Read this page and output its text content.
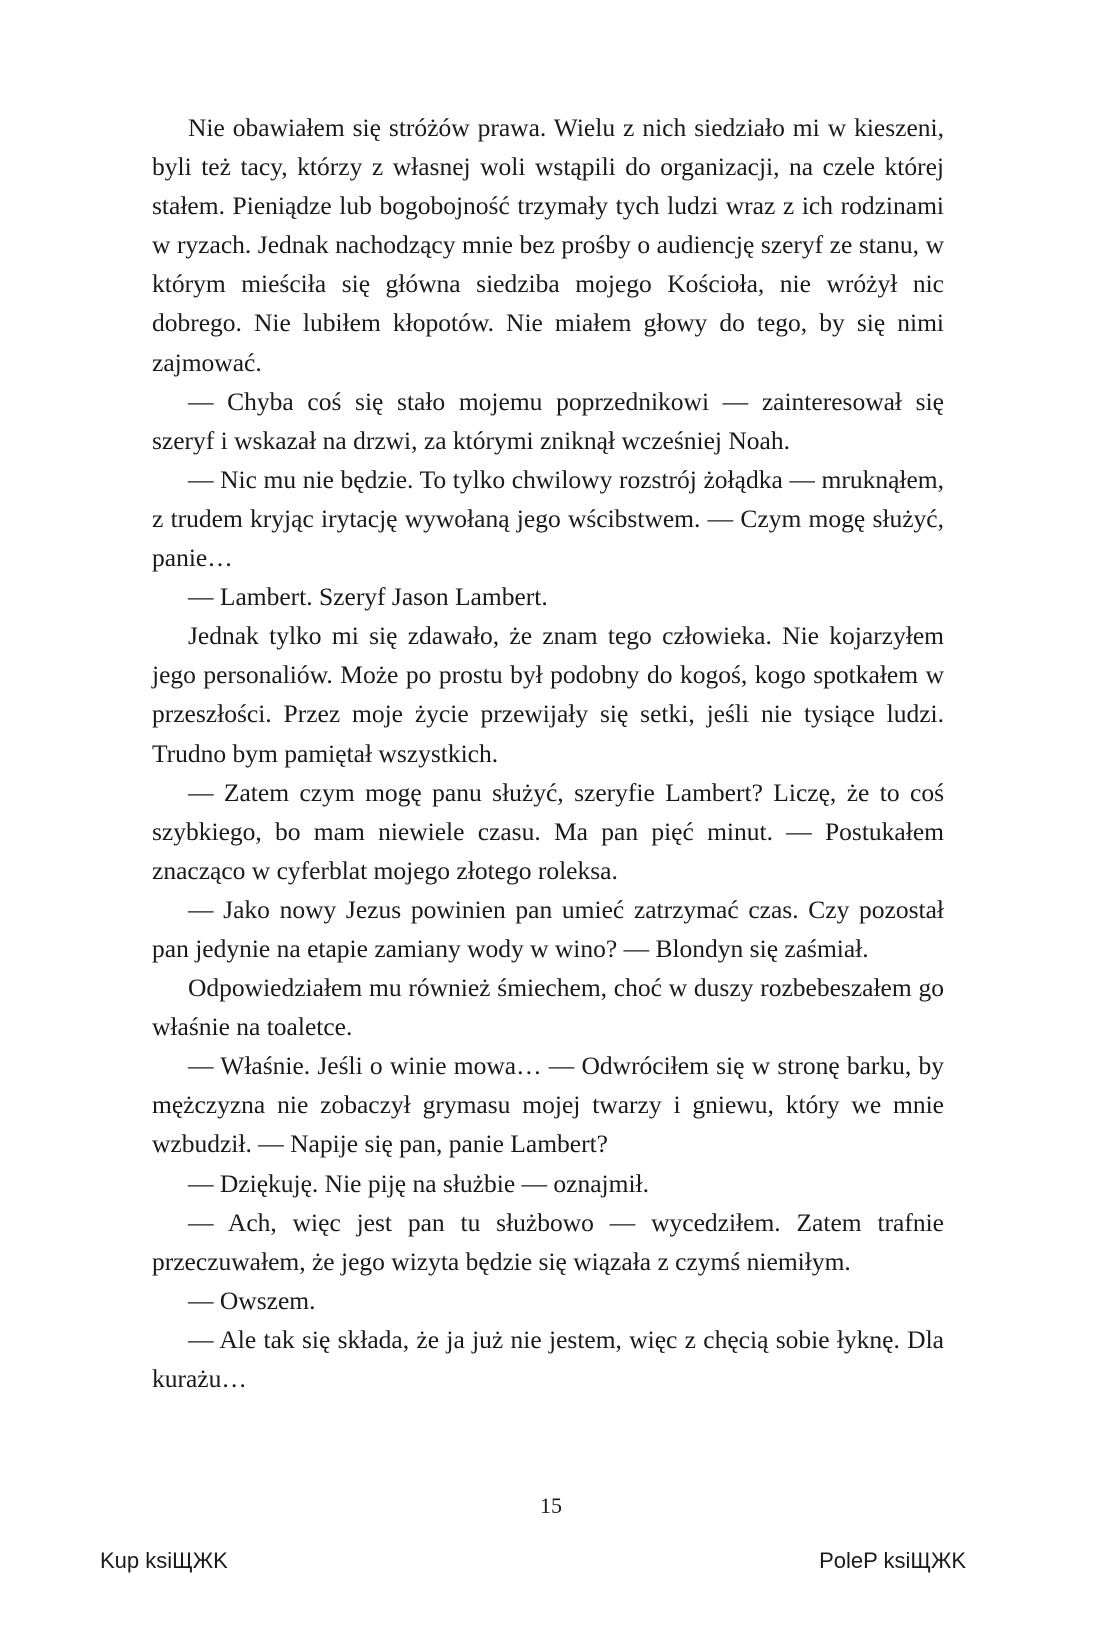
Nie obawiałem się stróżów prawa. Wielu z nich siedziało mi w kieszeni, byli też tacy, którzy z własnej woli wstąpili do organizacji, na czele której stałem. Pieniądze lub bogobojność trzymały tych ludzi wraz z ich rodzinami w ryzach. Jednak nachodzący mnie bez prośby o audiencję szeryf ze stanu, w którym mieściła się główna siedziba mojego Kościoła, nie wróżył nic dobrego. Nie lubiłem kłopotów. Nie miałem głowy do tego, by się nimi zajmować.

— Chyba coś się stało mojemu poprzednikowi — zainteresował się szeryf i wskazał na drzwi, za którymi zniknął wcześniej Noah.

— Nic mu nie będzie. To tylko chwilowy rozstrój żołądka — mruknąłem, z trudem kryjąc irytację wywołaną jego wścibstwem. — Czym mogę służyć, panie…

— Lambert. Szeryf Jason Lambert.

Jednak tylko mi się zdawało, że znam tego człowieka. Nie kojarzyłem jego personaliów. Może po prostu był podobny do kogoś, kogo spotkałem w przeszłości. Przez moje życie przewijały się setki, jeśli nie tysiące ludzi. Trudno bym pamiętał wszystkich.

— Zatem czym mogę panu służyć, szeryfie Lambert? Liczę, że to coś szybkiego, bo mam niewiele czasu. Ma pan pięć minut. — Postukałem znacząco w cyferblat mojego złotego roleksa.

— Jako nowy Jezus powinien pan umieć zatrzymać czas. Czy pozostał pan jedynie na etapie zamiany wody w wino? — Blondyn się zaśmiał.

Odpowiedziałem mu również śmiechem, choć w duszy rozbebeszałem go właśnie na toaletce.

— Właśnie. Jeśli o winie mowa… — Odwróciłem się w stronę barku, by mężczyzna nie zobaczył grymasu mojej twarzy i gniewu, który we mnie wzbudził. — Napije się pan, panie Lambert?

— Dziękuję. Nie piję na służbie — oznajmił.

— Ach, więc jest pan tu służbowo — wycedziłem. Zatem trafnie przeczuwałem, że jego wizyta będzie się wiązała z czymś niemiłym.

— Owszem.

— Ale tak się składa, że ja już nie jestem, więc z chęcią sobie łyknę. Dla kurażu…

15
Kup ksiЩЖK	PoleP ksiЩЖK
